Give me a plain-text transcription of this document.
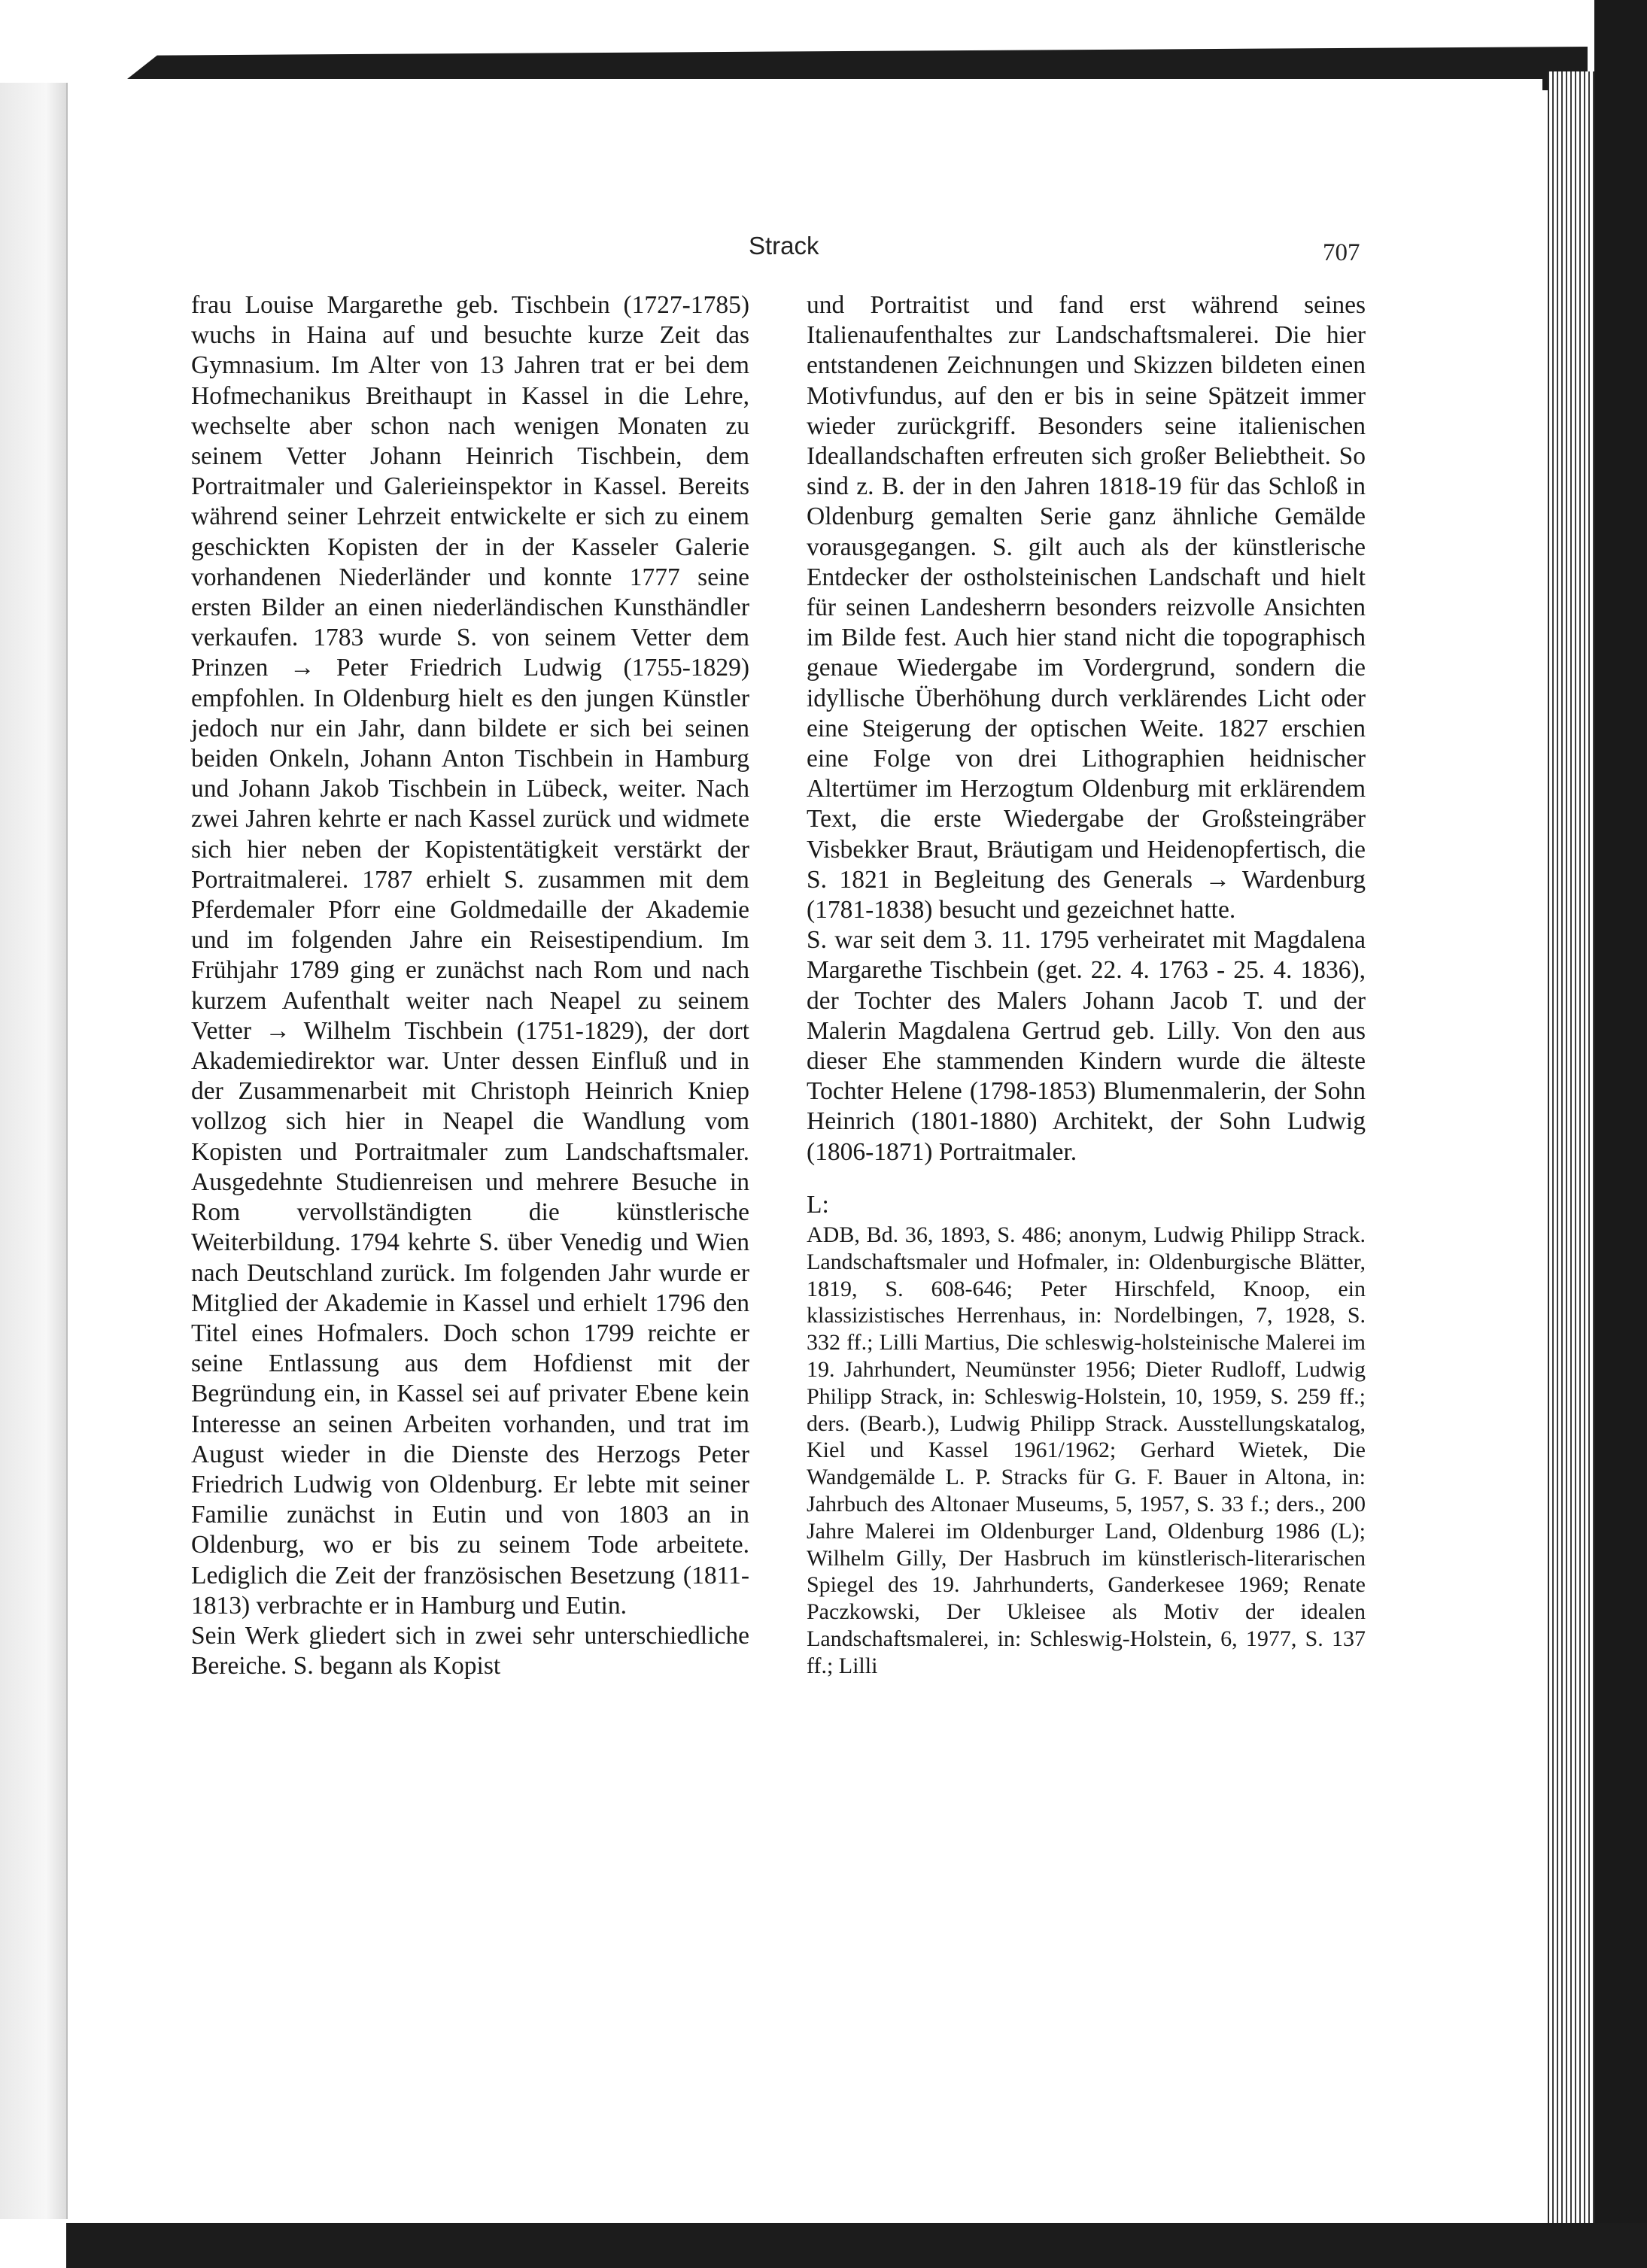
Strack	707

frau Louise Margarethe geb. Tischbein (1727-1785) wuchs in Haina auf und besuchte kurze Zeit das Gymnasium. Im Alter von 13 Jahren trat er bei dem Hofmechanikus Breithaupt in Kassel in die Lehre, wechselte aber schon nach wenigen Monaten zu seinem Vetter Johann Heinrich Tischbein, dem Portraitmaler und Galerieinspektor in Kassel. Bereits während seiner Lehrzeit entwickelte er sich zu einem geschickten Kopisten der in der Kasseler Galerie vorhandenen Niederländer und konnte 1777 seine ersten Bilder an einen niederländischen Kunsthändler verkaufen. 1783 wurde S. von seinem Vetter dem Prinzen → Peter Friedrich Ludwig (1755-1829) empfohlen. In Oldenburg hielt es den jungen Künstler jedoch nur ein Jahr, dann bildete er sich bei seinen beiden Onkeln, Johann Anton Tischbein in Hamburg und Johann Jakob Tischbein in Lübeck, weiter. Nach zwei Jahren kehrte er nach Kassel zurück und widmete sich hier neben der Kopistentätigkeit verstärkt der Portraitmalerei. 1787 erhielt S. zusammen mit dem Pferdemaler Pforr eine Goldmedaille der Akademie und im folgenden Jahre ein Reisestipendium. Im Frühjahr 1789 ging er zunächst nach Rom und nach kurzem Aufenthalt weiter nach Neapel zu seinem Vetter → Wilhelm Tischbein (1751-1829), der dort Akademiedirektor war. Unter dessen Einfluß und in der Zusammenarbeit mit Christoph Heinrich Kniep vollzog sich hier in Neapel die Wandlung vom Kopisten und Portraitmaler zum Landschaftsmaler. Ausgedehnte Studienreisen und mehrere Besuche in Rom vervollständigten die künstlerische Weiterbildung. 1794 kehrte S. über Venedig und Wien nach Deutschland zurück. Im folgenden Jahr wurde er Mitglied der Akademie in Kassel und erhielt 1796 den Titel eines Hofmalers. Doch schon 1799 reichte er seine Entlassung aus dem Hofdienst mit der Begründung ein, in Kassel sei auf privater Ebene kein Interesse an seinen Arbeiten vorhanden, und trat im August wieder in die Dienste des Herzogs Peter Friedrich Ludwig von Oldenburg. Er lebte mit seiner Familie zunächst in Eutin und von 1803 an in Oldenburg, wo er bis zu seinem Tode arbeitete. Lediglich die Zeit der französischen Besetzung (1811-1813) verbrachte er in Hamburg und Eutin.

Sein Werk gliedert sich in zwei sehr unterschiedliche Bereiche. S. begann als Kopist

und Portraitist und fand erst während seines Italienaufenthaltes zur Landschaftsmalerei. Die hier entstandenen Zeichnungen und Skizzen bildeten einen Motivfundus, auf den er bis in seine Spätzeit immer wieder zurückgriff. Besonders seine italienischen Ideallandschaften erfreuten sich großer Beliebtheit. So sind z. B. der in den Jahren 1818-19 für das Schloß in Oldenburg gemalten Serie ganz ähnliche Gemälde vorausgegangen. S. gilt auch als der künstlerische Entdecker der ostholsteinischen Landschaft und hielt für seinen Landesherrn besonders reizvolle Ansichten im Bilde fest. Auch hier stand nicht die topographisch genaue Wiedergabe im Vordergrund, sondern die idyllische Überhöhung durch verklärendes Licht oder eine Steigerung der optischen Weite. 1827 erschien eine Folge von drei Lithographien heidnischer Altertümer im Herzogtum Oldenburg mit erklärendem Text, die erste Wiedergabe der Großsteingräber Visbekker Braut, Bräutigam und Heidenopfertisch, die S. 1821 in Begleitung des Generals → Wardenburg (1781-1838) besucht und gezeichnet hatte.

S. war seit dem 3. 11. 1795 verheiratet mit Magdalena Margarethe Tischbein (get. 22. 4. 1763 - 25. 4. 1836), der Tochter des Malers Johann Jacob T. und der Malerin Magdalena Gertrud geb. Lilly. Von den aus dieser Ehe stammenden Kindern wurde die älteste Tochter Helene (1798-1853) Blumenmalerin, der Sohn Heinrich (1801-1880) Architekt, der Sohn Ludwig (1806-1871) Portraitmaler.

L:

ADB, Bd. 36, 1893, S. 486; anonym, Ludwig Philipp Strack. Landschaftsmaler und Hofmaler, in: Oldenburgische Blätter, 1819, S. 608-646; Peter Hirschfeld, Knoop, ein klassizistisches Herrenhaus, in: Nordelbingen, 7, 1928, S. 332 ff.; Lilli Martius, Die schleswig-holsteinische Malerei im 19. Jahrhundert, Neumünster 1956; Dieter Rudloff, Ludwig Philipp Strack, in: Schleswig-Holstein, 10, 1959, S. 259 ff.; ders. (Bearb.), Ludwig Philipp Strack. Ausstellungskatalog, Kiel und Kassel 1961/1962; Gerhard Wietek, Die Wandgemälde L. P. Stracks für G. F. Bauer in Altona, in: Jahrbuch des Altonaer Museums, 5, 1957, S. 33 f.; ders., 200 Jahre Malerei im Oldenburger Land, Oldenburg 1986 (L); Wilhelm Gilly, Der Hasbruch im künstlerisch-literarischen Spiegel des 19. Jahrhunderts, Ganderkesee 1969; Renate Paczkowski, Der Ukleisee als Motiv der idealen Landschaftsmalerei, in: Schleswig-Holstein, 6, 1977, S. 137 ff.; Lilli
